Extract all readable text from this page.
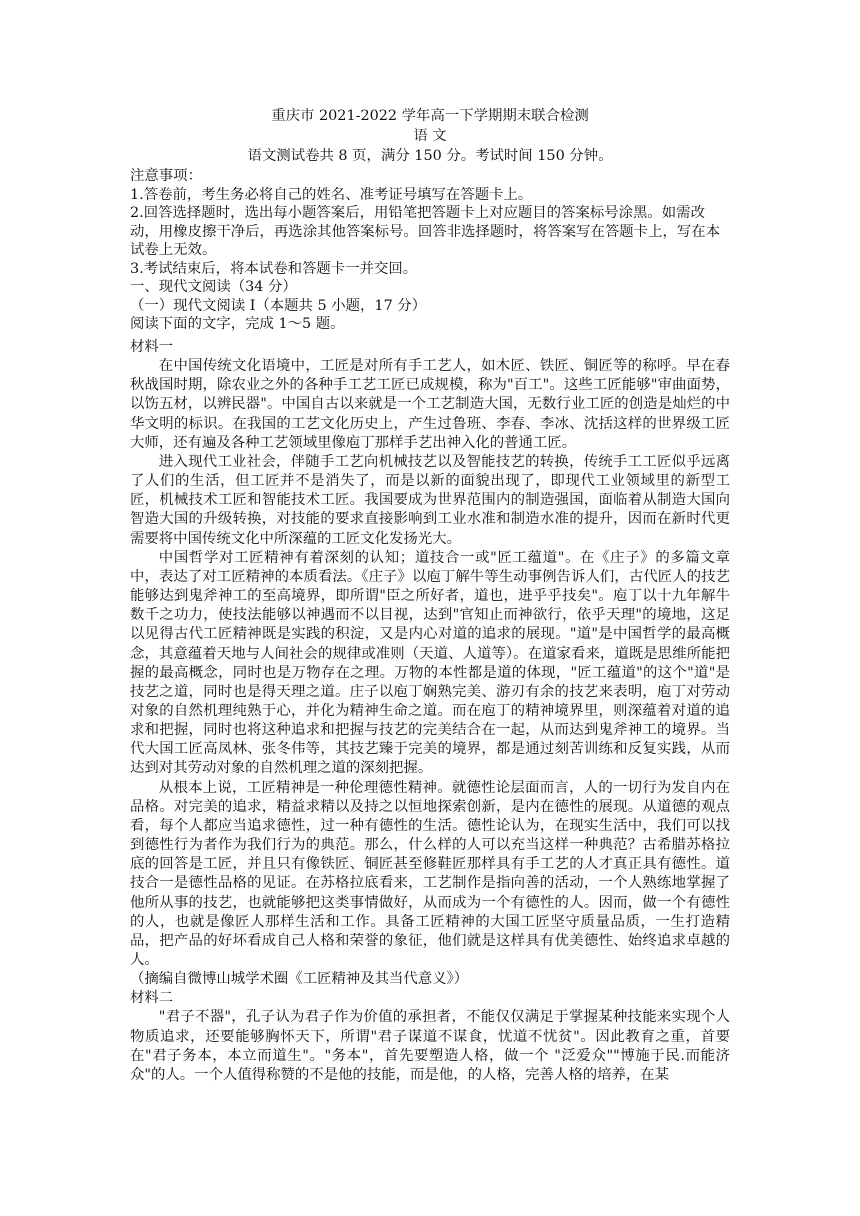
重庆市 2021-2022 学年高一下学期期末联合检测
语 文
语文测试卷共 8 页，满分 150 分。考试时间 150 分钟。

注意事项：

1.答卷前，考生务必将自己的姓名、准考证号填写在答题卡上。

2.回答选择题时，选出每小题答案后，用铅笔把答题卡上对应题目的答案标号涂黑。如需改动，用橡皮擦干净后，再选涂其他答案标号。回答非选择题时，将答案写在答题卡上，写在本试卷上无效。

3.考试结束后，将本试卷和答题卡一并交回。

一、现代文阅读（34 分）

（一）现代文阅读 I（本题共 5 小题，17 分）

阅读下面的文字，完成 1～5 题。

材料一

在中国传统文化语境中，工匠是对所有手工艺人，如木匠、铁匠、铜匠等的称呼。早在春秋战国时期，除农业之外的各种手工艺工匠已成规模，称为"百工"。这些工匠能够"审曲面势，以饬五材，以辨民器"。中国自古以来就是一个工艺制造大国，无数行业工匠的创造是灿烂的中华文明的标识。在我国的工艺文化历史上，产生过鲁班、李春、李冰、沈括这样的世界级工匠大师，还有遍及各种工艺领域里像庖丁那样手艺出神入化的普通工匠。

进入现代工业社会，伴随手工艺向机械技艺以及智能技艺的转换，传统手工工匠似乎远离了人们的生活，但工匠并不是消失了，而是以新的面貌出现了，即现代工业领域里的新型工匠，机械技术工匠和智能技术工匠。我国要成为世界范围内的制造强国，面临着从制造大国向智造大国的升级转换，对技能的要求直接影响到工业水准和制造水准的提升，因而在新时代更需要将中国传统文化中所深蕴的工匠文化发扬光大。

中国哲学对工匠精神有着深刻的认知；道技合一或"匠工蕴道"。在《庄子》的多篇文章中，表达了对工匠精神的本质看法。《庄子》以庖丁解牛等生动事例告诉人们，古代匠人的技艺能够达到鬼斧神工的至高境界，即所谓"臣之所好者，道也，进乎乎技矣"。庖丁以十九年解牛数千之功力，使技法能够以神遇而不以目视，达到"官知止而神欲行，依乎天理"的境地，这足以见得古代工匠精神既是实践的积淀，又是内心对道的追求的展现。"道"是中国哲学的最高概念，其意蕴着天地与人间社会的规律或准则（天道、人道等）。在道家看来，道既是思维所能把握的最高概念，同时也是万物存在之理。万物的本性都是道的体现，"匠工蕴道"的这个"道"是技艺之道，同时也是得天理之道。庄子以庖丁娴熟完美、游刃有余的技艺来表明，庖丁对劳动对象的自然机理纯熟于心，并化为精神生命之道。而在庖丁的精神境界里，则深蕴着对道的追求和把握，同时也将这种追求和把握与技艺的完美结合在一起，从而达到鬼斧神工的境界。当代大国工匠高凤林、张冬伟等，其技艺臻于完美的境界，都是通过刻苦训练和反复实践，从而达到对其劳动对象的自然机理之道的深刻把握。

从根本上说，工匠精神是一种伦理德性精神。就德性论层面而言，人的一切行为发自内在品格。对完美的追求，精益求精以及持之以恒地探索创新，是内在德性的展现。从道德的观点看，每个人都应当追求德性，过一种有德性的生活。德性论认为，在现实生活中，我们可以找到德性行为者作为我们行为的典范。那么，什么样的人可以充当这样一种典范？古希腊苏格拉底的回答是工匠，并且只有像铁匠、铜匠甚至修鞋匠那样具有手工艺的人才真正具有德性。道技合一是德性品格的见证。在苏格拉底看来，工艺制作是指向善的活动，一个人熟练地掌握了他所从事的技艺，也就能够把这类事情做好，从而成为一个有德性的人。因而，做一个有德性的人，也就是像匠人那样生活和工作。具备工匠精神的大国工匠坚守质量品质，一生打造精品，把产品的好坏看成自己人格和荣誉的象征，他们就是这样具有优美德性、始终追求卓越的人。

（摘编自微博山城学术圈《工匠精神及其当代意义》）

材料二

"君子不器"，孔子认为君子作为价值的承担者，不能仅仅满足于掌握某种技能来实现个人物质追求，还要能够胸怀天下，所谓"君子谋道不谋食，忧道不忧贫"。因此教育之重，首要在"君子务本，本立而道生"。"务本"，首先要塑造人格，做一个 "泛爱众""博施于民.而能济众"的人。一个人值得称赞的不是他的技能，而是他，的人格，完善人格的培养，在某
